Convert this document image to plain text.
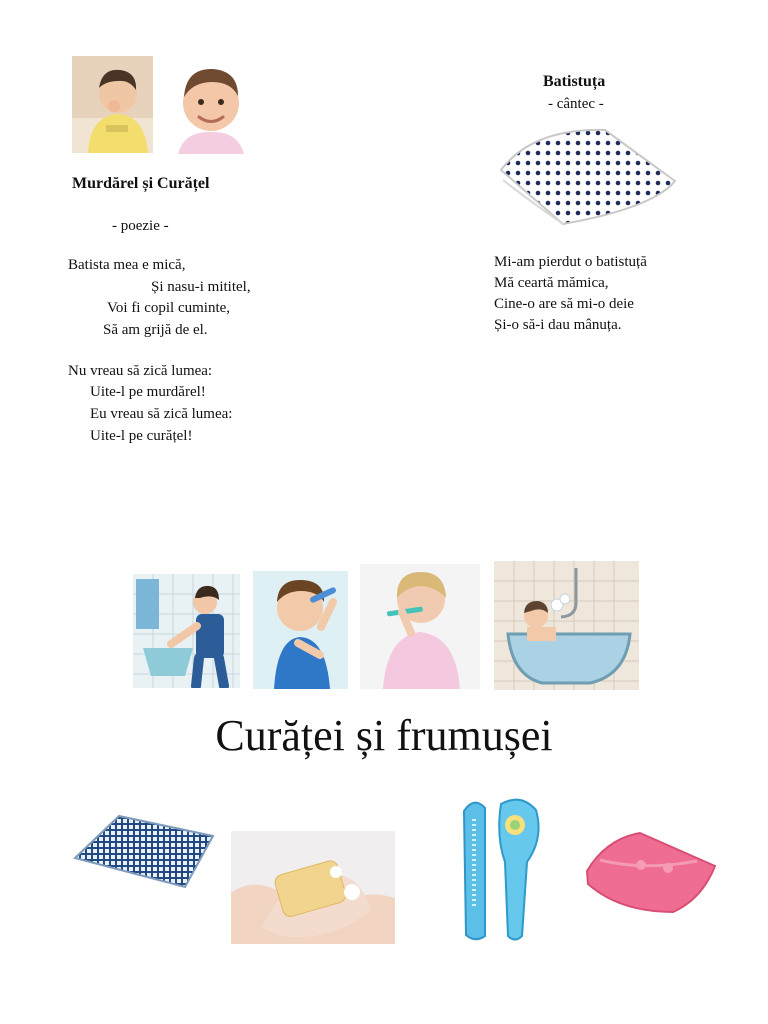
Murdărel și Curățel
- poezie -
Batista mea e mică,
Și nasu-i mititel,
Voi fi copil cuminte,
Să am grijă de el.
Nu vreau să zică lumea:
Uite-l pe murdărel!
Eu vreau să zică lumea:
Uite-l pe curățel!
Batistuța
- cântec -
Mi-am pierdut o batistuță
Mă ceartă mămica,
Cine-o are să mi-o deie
Și-o să-i dau mânuța.
Curăței și frumușei
